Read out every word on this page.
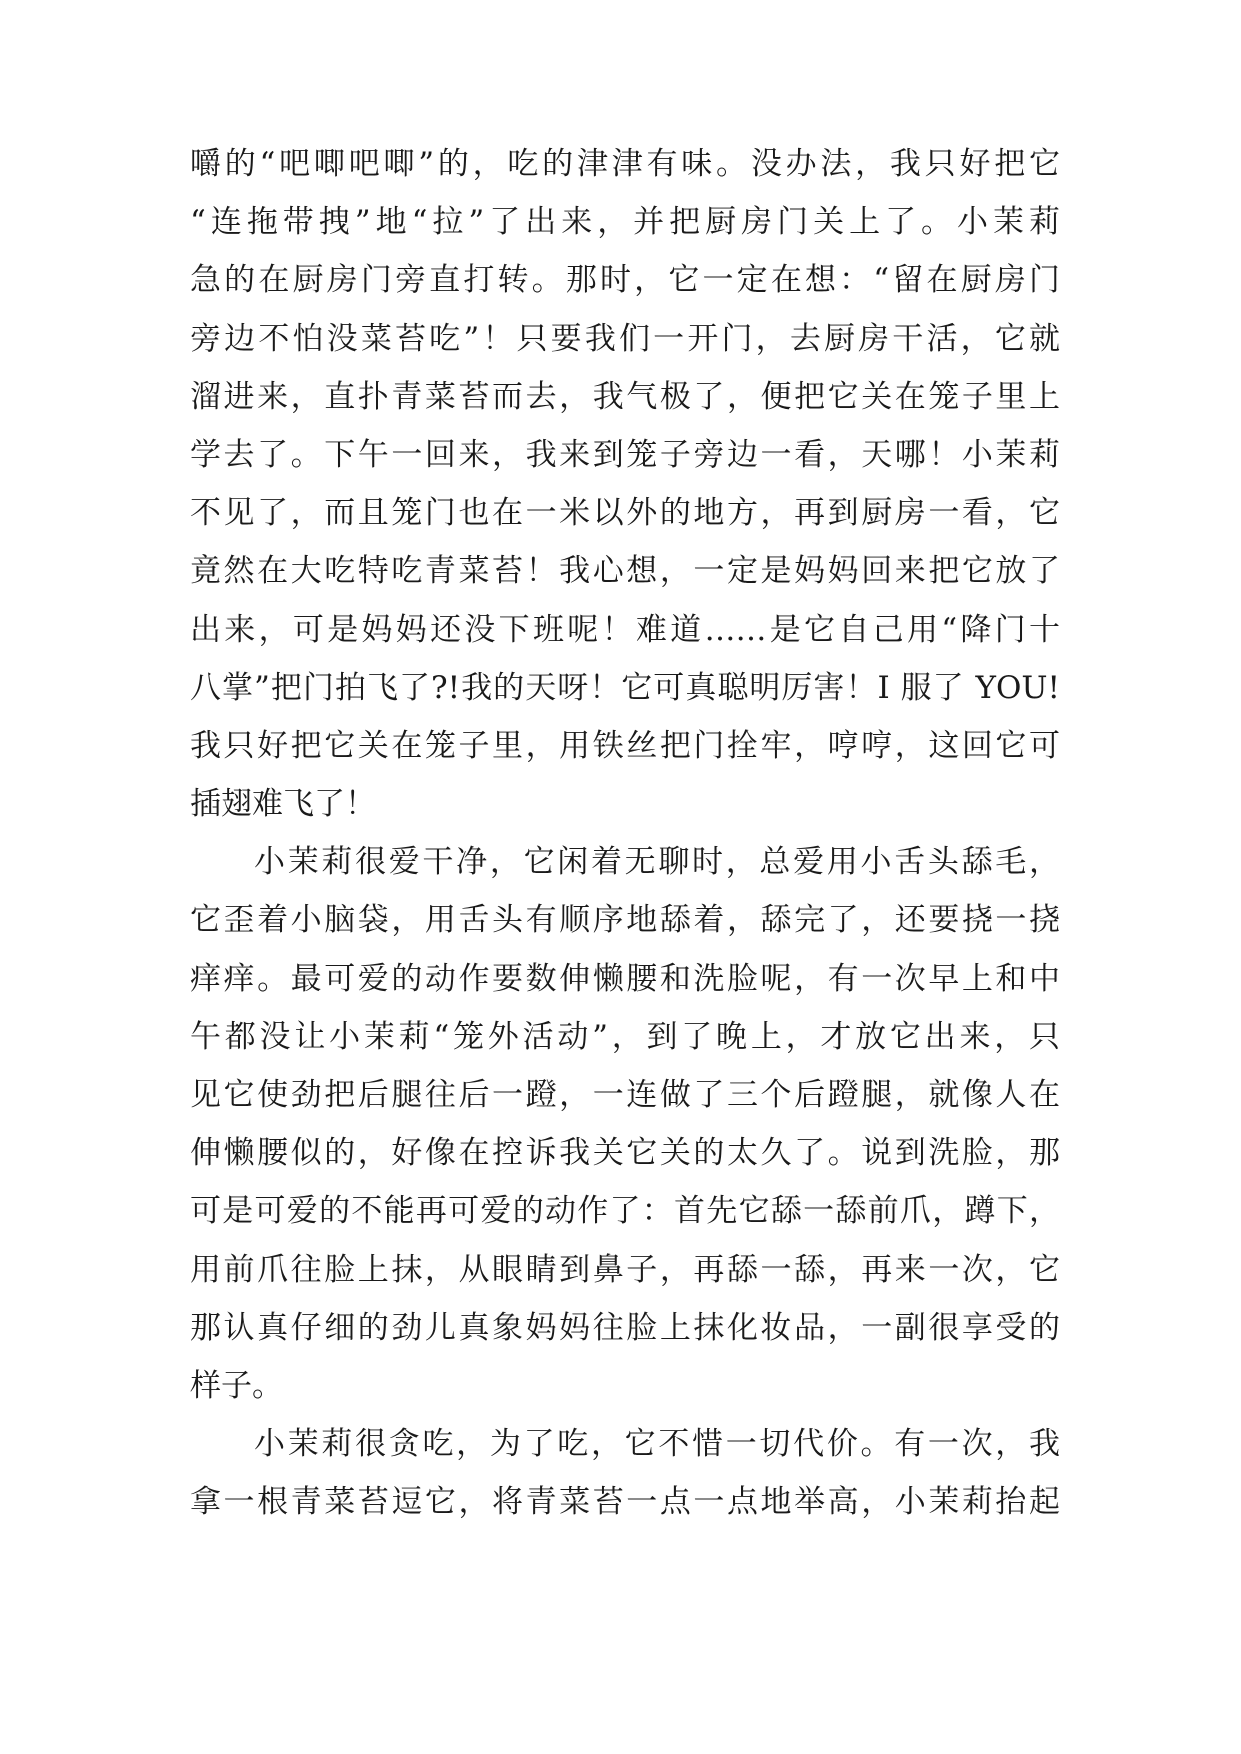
嚼的“吧唧吧唧”的，吃的津津有味。没办法，我只好把它
“连拖带拽”地“拉”了出来，并把厨房门关上了。小茉莉
急的在厨房门旁直打转。那时，它一定在想：“留在厨房门
旁边不怕没菜苔吃”！只要我们一开门，去厨房干活，它就
溜进来，直扑青菜苔而去，我气极了，便把它关在笼子里上
学去了。下午一回来，我来到笼子旁边一看，天哪！小茉莉
不见了，而且笼门也在一米以外的地方，再到厨房一看，它
竟然在大吃特吃青菜苔！我心想，一定是妈妈回来把它放了
出来，可是妈妈还没下班呢！难道……是它自己用“降门十
八掌”把门拍飞了?!我的天呀！它可真聪明厉害！I 服了 YOU!
我只好把它关在笼子里，用铁丝把门拴牢，哼哼，这回它可
插翅难飞了！
小茉莉很爱干净，它闲着无聊时，总爱用小舌头舔毛，
它歪着小脑袋，用舌头有顺序地舔着，舔完了，还要挠一挠
痒痒。最可爱的动作要数伸懒腰和洗脸呢，有一次早上和中
午都没让小茉莉“笼外活动”，到了晚上，才放它出来，只
见它使劲把后腿往后一蹬，一连做了三个后蹬腿，就像人在
伸懒腰似的，好像在控诉我关它关的太久了。说到洗脸，那
可是可爱的不能再可爱的动作了：首先它舔一舔前爪，蹲下，
用前爪往脸上抹，从眼睛到鼻子，再舔一舔，再来一次，它
那认真仔细的劲儿真象妈妈往脸上抹化妆品，一副很享受的
样子。
小茉莉很贪吃，为了吃，它不惜一切代价。有一次，我
拿一根青菜苔逗它，将青菜苔一点一点地举高，小茉莉抬起
